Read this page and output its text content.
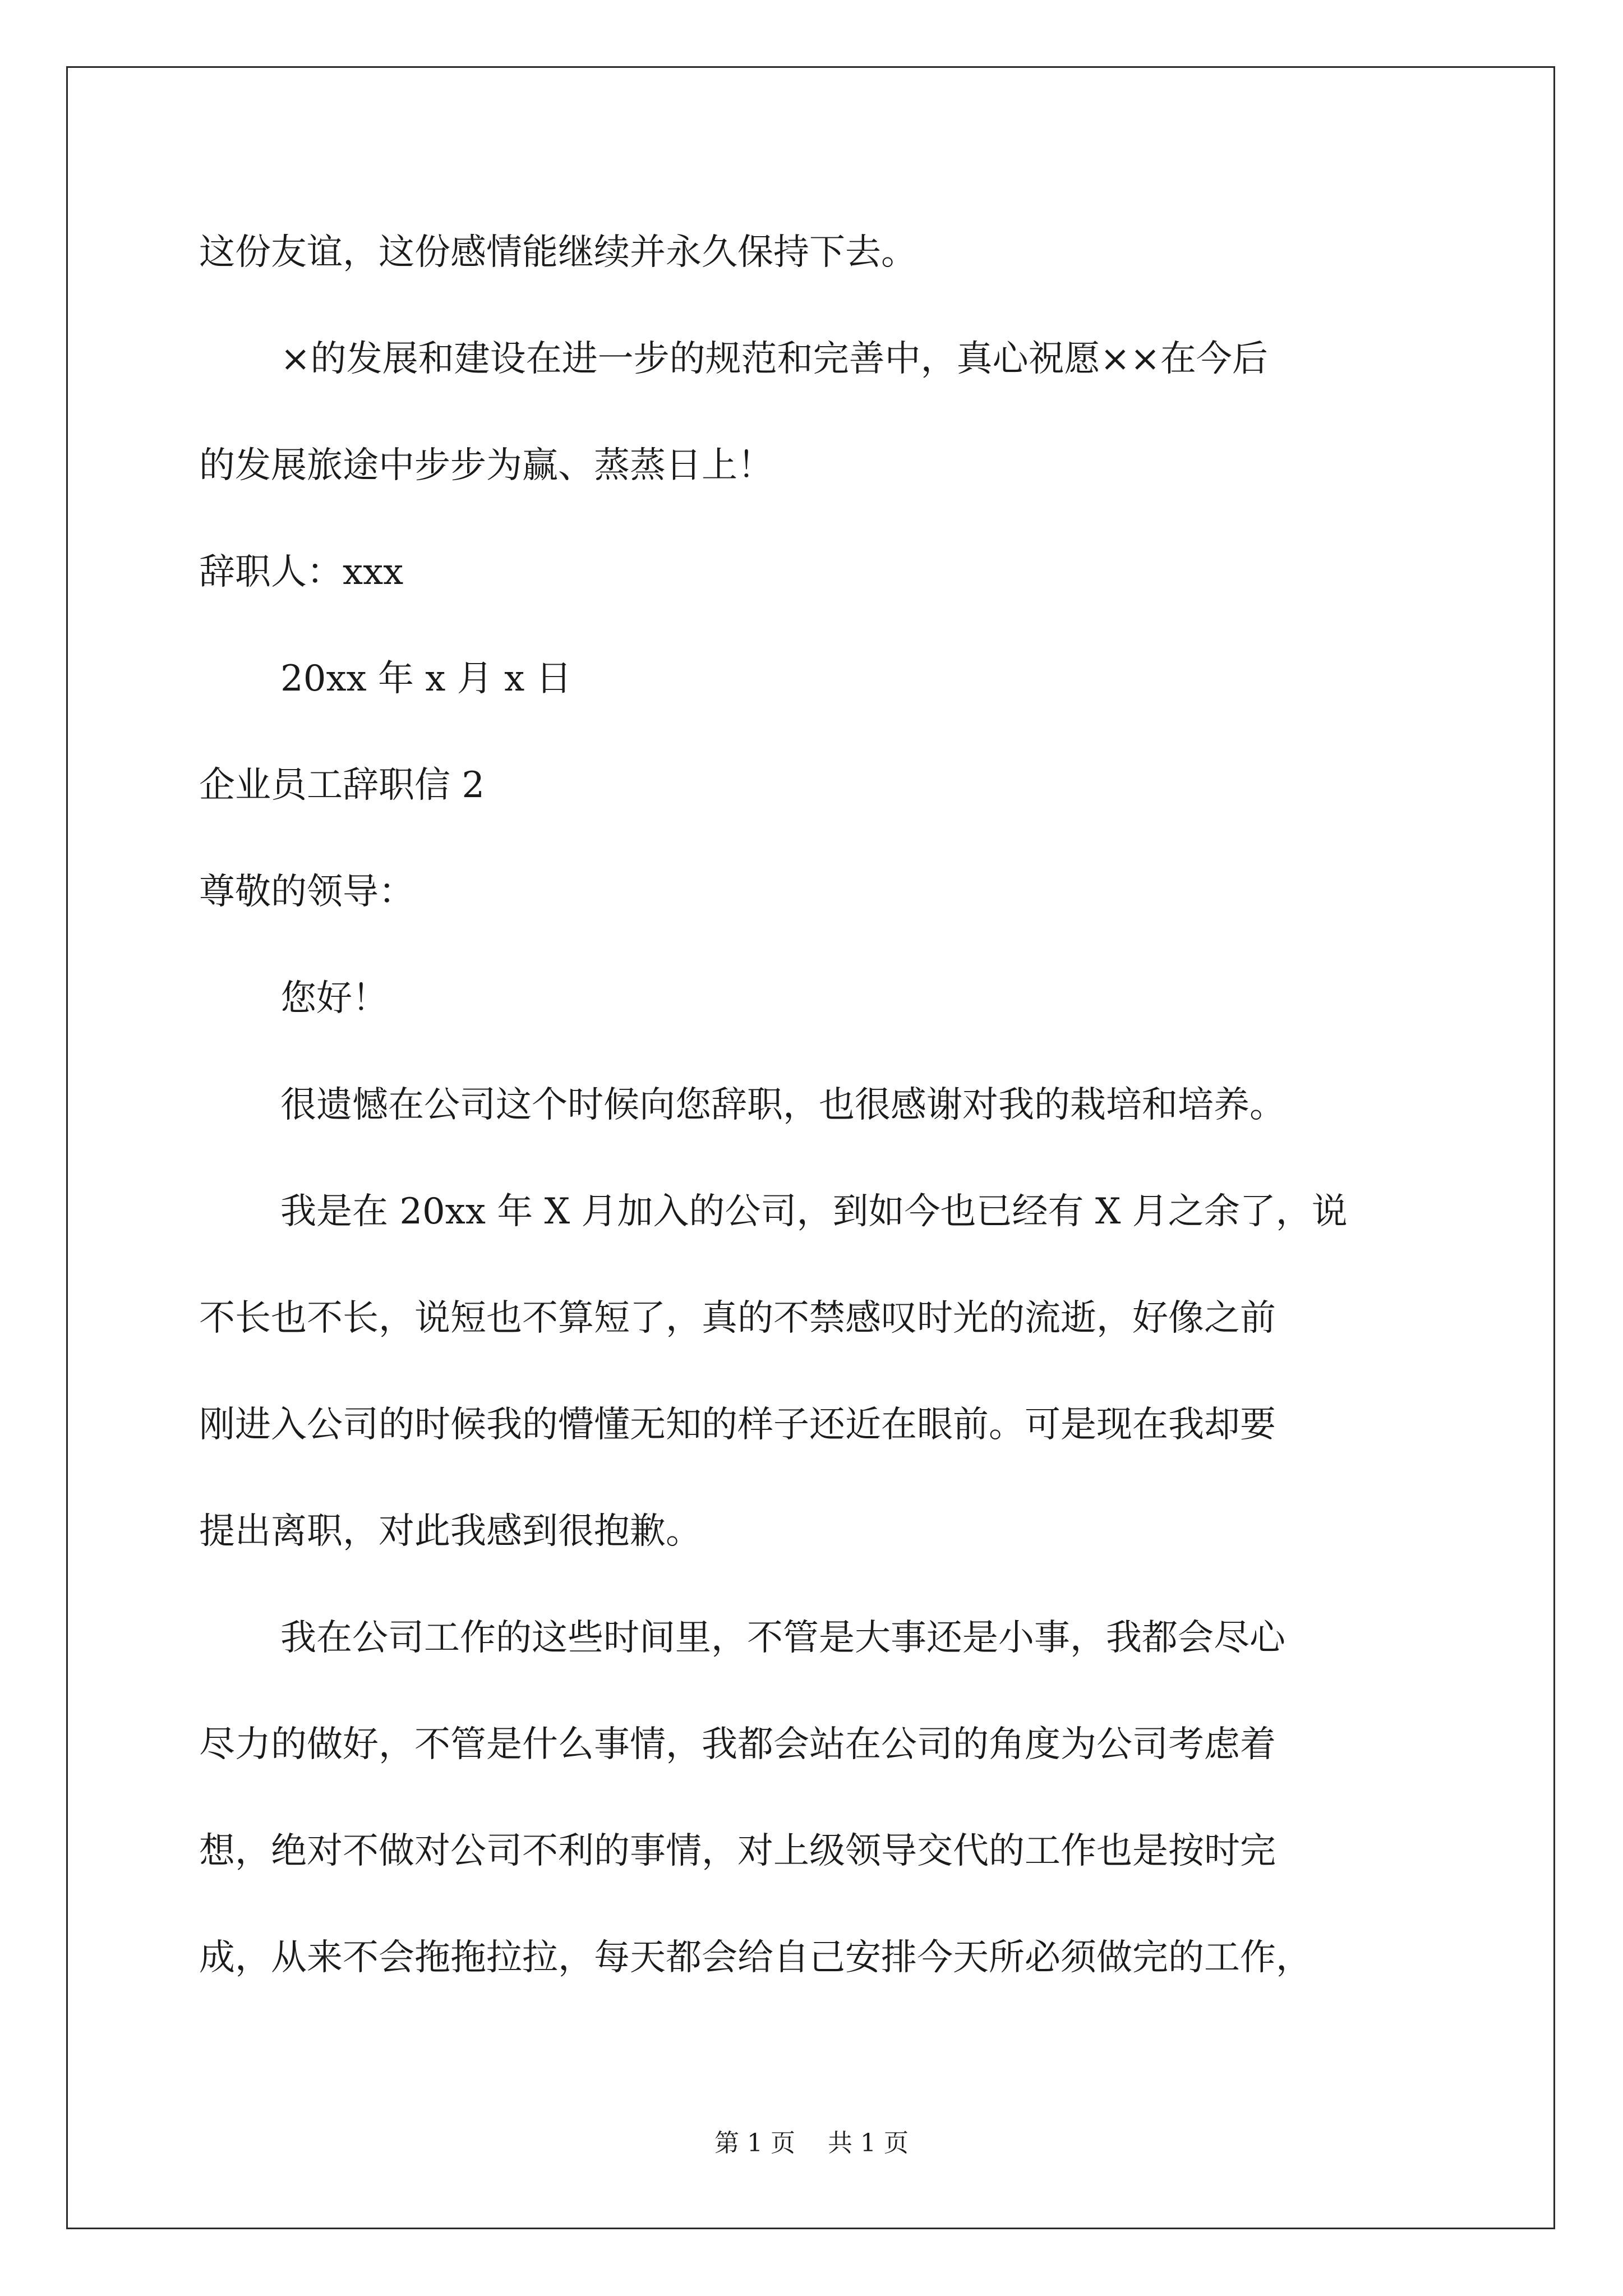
这份友谊，这份感情能继续并永久保持下去。
×的发展和建设在进一步的规范和完善中，真心祝愿××在今后
的发展旅途中步步为赢、蒸蒸日上！
辞职人：xxx
20xx 年 x 月 x 日
企业员工辞职信 2
尊敬的领导：
您好！
很遗憾在公司这个时候向您辞职，也很感谢对我的栽培和培养。
我是在 20xx 年 X 月加入的公司，到如今也已经有 X 月之余了，说
不长也不长，说短也不算短了，真的不禁感叹时光的流逝，好像之前
刚进入公司的时候我的懵懂无知的样子还近在眼前。可是现在我却要
提出离职，对此我感到很抱歉。
我在公司工作的这些时间里，不管是大事还是小事，我都会尽心
尽力的做好，不管是什么事情，我都会站在公司的角度为公司考虑着
想，绝对不做对公司不利的事情，对上级领导交代的工作也是按时完
成，从来不会拖拖拉拉，每天都会给自己安排今天所必须做完的工作，
第 1 页 共 1 页
